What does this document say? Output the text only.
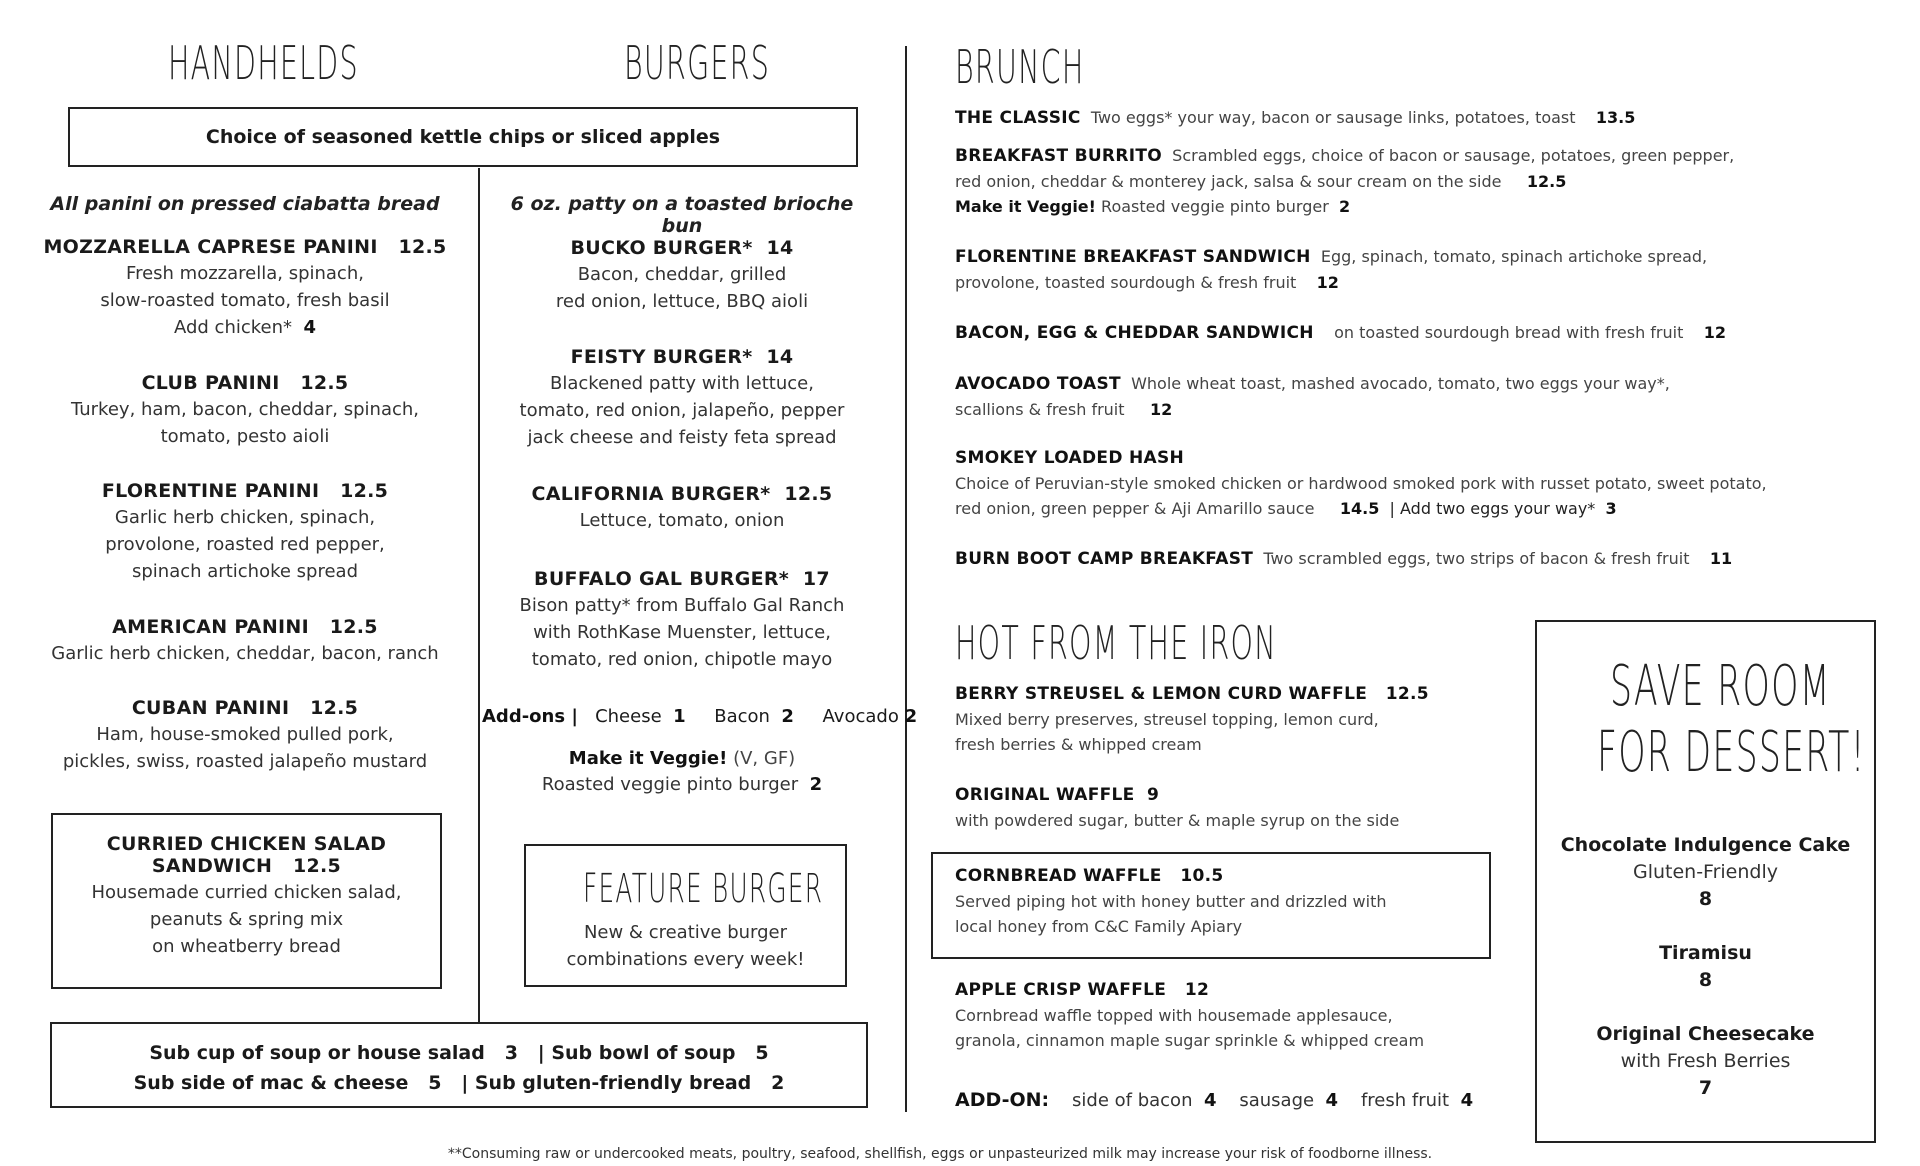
HANDHELDS	BURGERS	BRUNCH
HOT FROM THE IRON
Choice of seasoned kettle chips or sliced apples
All panini on pressed ciabatta bread
MOZZARELLA CAPRESE PANINI 12.5
Fresh mozzarella, spinach,
slow-roasted tomato, fresh basil
Add chicken* 4
CLUB PANINI 12.5
Turkey, ham, bacon, cheddar, spinach,
tomato, pesto aioli
FLORENTINE PANINI 12.5
Garlic herb chicken, spinach,
provolone, roasted red pepper,
spinach artichoke spread
AMERICAN PANINI 12.5
Garlic herb chicken, cheddar, bacon, ranch
CUBAN PANINI 12.5
Ham, house-smoked pulled pork,
pickles, swiss, roasted jalapeño mustard
CURRIED CHICKEN SALAD
SANDWICH 12.5
Housemade curried chicken salad,
peanuts & spring mix
on wheatberry bread
6 oz. patty on a toasted brioche bun
BUCKO BURGER* 14
Bacon, cheddar, grilled
red onion, lettuce, BBQ aioli
FEISTY BURGER* 14
Blackened patty with lettuce,
tomato, red onion, jalapeño, pepper
jack cheese and feisty feta spread
CALIFORNIA BURGER* 12.5
Lettuce, tomato, onion
BUFFALO GAL BURGER* 17
Bison patty* from Buffalo Gal Ranch
with RothKase Muenster, lettuce,
tomato, red onion, chipotle mayo
Add-ons | Cheese 1 Bacon 2 Avocado 2
Make it Veggie! (V, GF)
Roasted veggie pinto burger 2
FEATURE BURGER
New & creative burger
combinations every week!
Sub cup of soup or house salad 3 | Sub bowl of soup 5
Sub side of mac & cheese 5 | Sub gluten-friendly bread 2
THE CLASSIC Two eggs* your way, bacon or sausage links, potatoes, toast 13.5
BREAKFAST BURRITO Scrambled eggs, choice of bacon or sausage, potatoes, green pepper,
red onion, cheddar & monterey jack, salsa & sour cream on the side 12.5
Make it Veggie! Roasted veggie pinto burger 2
FLORENTINE BREAKFAST SANDWICH Egg, spinach, tomato, spinach artichoke spread,
provolone, toasted sourdough & fresh fruit 12
BACON, EGG & CHEDDAR SANDWICH on toasted sourdough bread with fresh fruit 12
AVOCADO TOAST Whole wheat toast, mashed avocado, tomato, two eggs your way*,
scallions & fresh fruit 12
SMOKEY LOADED HASH
Choice of Peruvian-style smoked chicken or hardwood smoked pork with russet potato, sweet potato,
red onion, green pepper & Aji Amarillo sauce 14.5 | Add two eggs your way* 3
BURN BOOT CAMP BREAKFAST Two scrambled eggs, two strips of bacon & fresh fruit 11
BERRY STREUSEL & LEMON CURD WAFFLE 12.5
Mixed berry preserves, streusel topping, lemon curd,
fresh berries & whipped cream
ORIGINAL WAFFLE 9
with powdered sugar, butter & maple syrup on the side
CORNBREAD WAFFLE 10.5
Served piping hot with honey butter and drizzled with
local honey from C&C Family Apiary
APPLE CRISP WAFFLE 12
Cornbread waffle topped with housemade applesauce,
granola, cinnamon maple sugar sprinkle & whipped cream
ADD-ON: side of bacon 4 sausage 4 fresh fruit 4
SAVE ROOM
FOR DESSERT!
Chocolate Indulgence Cake
Gluten-Friendly
8
Tiramisu
8
Original Cheesecake
with Fresh Berries
7
**Consuming raw or undercooked meats, poultry, seafood, shellfish, eggs or unpasteurized milk may increase your risk of foodborne illness.
